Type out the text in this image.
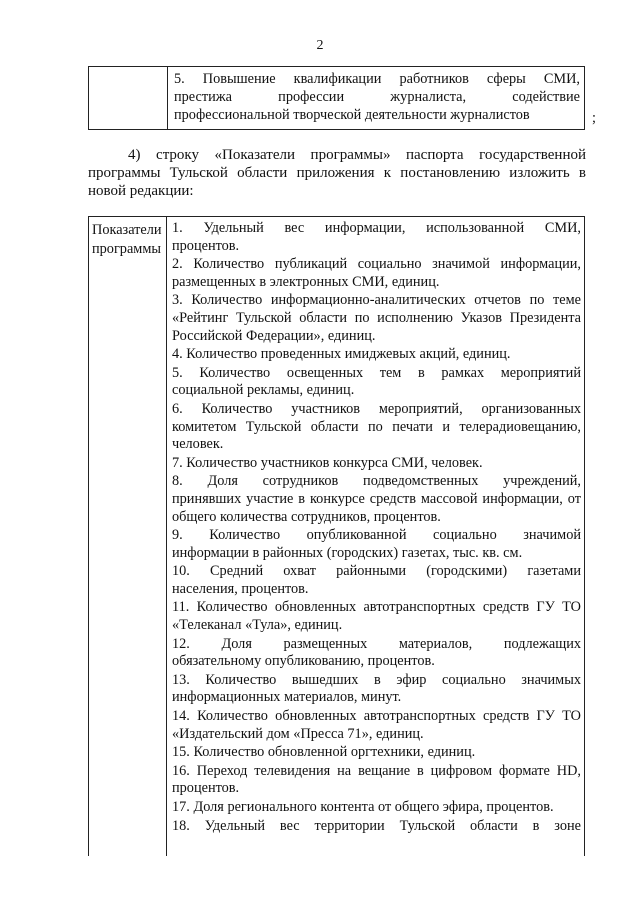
2
5. Повышение квалификации работников сферы СМИ,
престижа профессии журналиста, содействие
профессиональной творческой деятельности журналистов	;
4) строку «Показатели программы» паспорта государственной программы Тульской области приложения к постановлению изложить в новой редакции:
Показатели программы
1. Удельный вес информации, использованной СМИ,
процентов.
2. Количество публикаций социально значимой информации,
размещенных в электронных СМИ, единиц.
3. Количество информационно-аналитических отчетов по теме
«Рейтинг Тульской области по исполнению Указов Президента Российской Федерации», единиц.
4. Количество проведенных имиджевых акций, единиц.
5. Количество освещенных тем в рамках мероприятий
социальной рекламы, единиц.
6. Количество участников мероприятий, организованных
комитетом Тульской области по печати и телерадиовещанию, человек.
7. Количество участников конкурса СМИ, человек.
8. Доля сотрудников подведомственных учреждений,
принявших участие в конкурсе средств массовой информации, от общего количества сотрудников, процентов.
9. Количество опубликованной социально значимой
информации в районных (городских) газетах, тыс. кв. см.
10. Средний охват районными (городскими) газетами
населения, процентов.
11. Количество обновленных автотранспортных средств ГУ ТО
«Телеканал «Тула», единиц.
12. Доля размещенных материалов, подлежащих
обязательному опубликованию, процентов.
13. Количество вышедших в эфир социально значимых
информационных материалов, минут.
14. Количество обновленных автотранспортных средств ГУ ТО
«Издательский дом «Пресса 71», единиц.
15. Количество обновленной оргтехники, единиц.
16. Переход телевидения на вещание в цифровом формате HD,
процентов.
17. Доля регионального контента от общего эфира, процентов.
18. Удельный вес территории Тульской области в зоне
